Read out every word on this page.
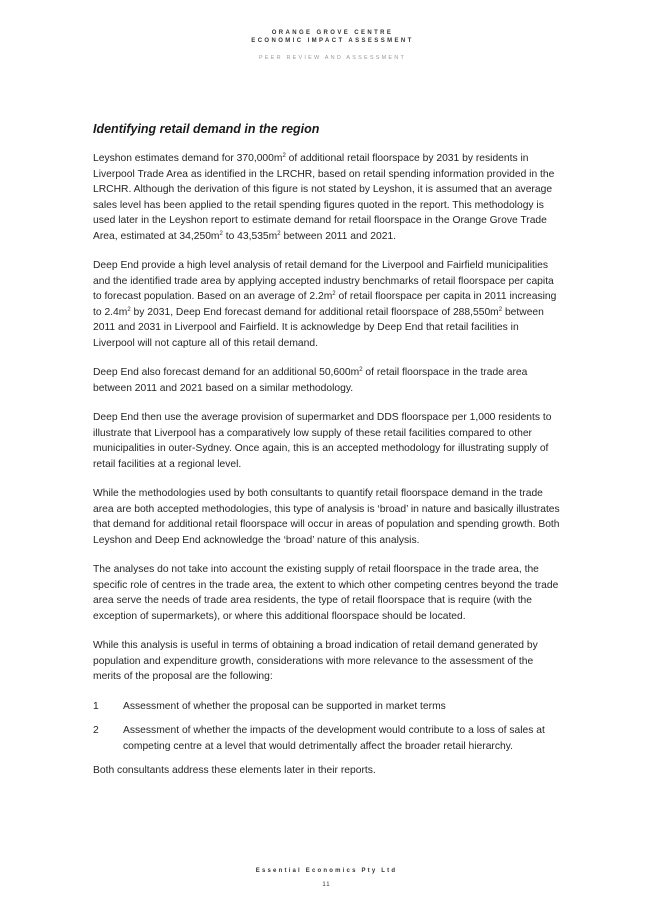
ORANGE GROVE CENTRE
ECONOMIC IMPACT ASSESSMENT
PEER REVIEW AND ASSESSMENT
Identifying retail demand in the region

Leyshon estimates demand for $370,000m^2$ of additional retail floorspace by 2031 by residents in Liverpool Trade Area as identified in the LRCHR, based on retail spending information provided in the LRCHR. Although the derivation of this figure is not stated by Leyshon, it is assumed that an average sales level has been applied to the retail spending figures quoted in the report. This methodology is used later in the Leyshon report to estimate demand for retail floorspace in the Orange Grove Trade Area, estimated at $34,250m^2$ to $43,535m^2$ between 2011 and 2021.

Deep End provide a high level analysis of retail demand for the Liverpool and Fairfield municipalities and the identified trade area by applying accepted industry benchmarks of retail floorspace per capita to forecast population. Based on an average of $2.2m^2$ of retail floorspace per capita in 2011 increasing to $2.4m^2$ by 2031, Deep End forecast demand for additional retail floorspace of $288,550m^2$ between 2011 and 2031 in Liverpool and Fairfield. It is acknowledge by Deep End that retail facilities in Liverpool will not capture all of this retail demand.

Deep End also forecast demand for an additional $50,600m^2$ of retail floorspace in the trade area between 2011 and 2021 based on a similar methodology.

Deep End then use the average provision of supermarket and DDS floorspace per 1,000 residents to illustrate that Liverpool has a comparatively low supply of these retail facilities compared to other municipalities in outer-Sydney. Once again, this is an accepted methodology for illustrating supply of retail facilities at a regional level.

While the methodologies used by both consultants to quantify retail floorspace demand in the trade area are both accepted methodologies, this type of analysis is ‘broad’ in nature and basically illustrates that demand for additional retail floorspace will occur in areas of population and spending growth. Both Leyshon and Deep End acknowledge the ‘broad’ nature of this analysis.

The analyses do not take into account the existing supply of retail floorspace in the trade area, the specific role of centres in the trade area, the extent to which other competing centres beyond the trade area serve the needs of trade area residents, the type of retail floorspace that is require (with the exception of supermarkets), or where this additional floorspace should be located.

While this analysis is useful in terms of obtaining a broad indication of retail demand generated by population and expenditure growth, considerations with more relevance to the assessment of the merits of the proposal are the following:

1	Assessment of whether the proposal can be supported in market terms
2	Assessment of whether the impacts of the development would contribute to a loss of sales at competing centre at a level that would detrimentally affect the broader retail hierarchy.

Both consultants address these elements later in their reports.

Essential Economics Pty Ltd
11
